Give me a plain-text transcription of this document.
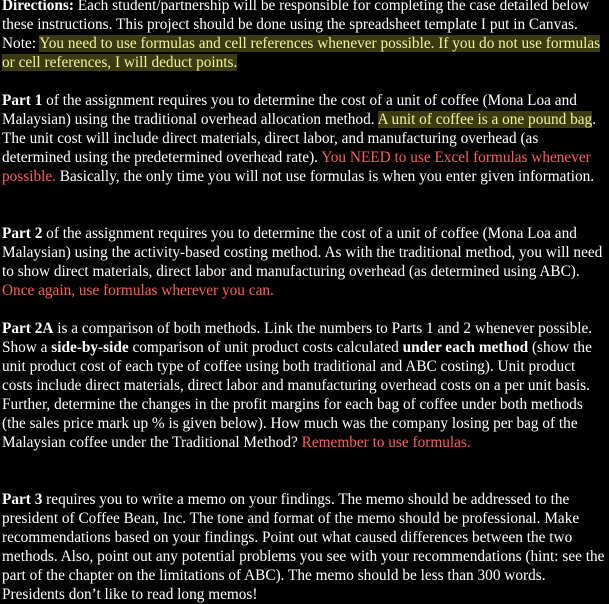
Directions: Each student/partnership will be responsible for completing the case detailed below these instructions. This project should be done using the spreadsheet template I put in Canvas. Note: You need to use formulas and cell references whenever possible. If you do not use formulas or cell references, I will deduct points.

Part 1 of the assignment requires you to determine the cost of a unit of coffee (Mona Loa and Malaysian) using the traditional overhead allocation method. A unit of coffee is a one pound bag. The unit cost will include direct materials, direct labor, and manufacturing overhead (as determined using the predetermined overhead rate). You NEED to use Excel formulas whenever possible. Basically, the only time you will not use formulas is when you enter given information.

Part 2 of the assignment requires you to determine the cost of a unit of coffee (Mona Loa and Malaysian) using the activity-based costing method. As with the traditional method, you will need to show direct materials, direct labor and manufacturing overhead (as determined using ABC). Once again, use formulas wherever you can.

Part 2A is a comparison of both methods. Link the numbers to Parts 1 and 2 whenever possible. Show a side-by-side comparison of unit product costs calculated under each method (show the unit product cost of each type of coffee using both traditional and ABC costing). Unit product costs include direct materials, direct labor and manufacturing overhead costs on a per unit basis. Further, determine the changes in the profit margins for each bag of coffee under both methods (the sales price mark up % is given below). How much was the company losing per bag of the Malaysian coffee under the Traditional Method? Remember to use formulas.

Part 3 requires you to write a memo on your findings. The memo should be addressed to the president of Coffee Bean, Inc. The tone and format of the memo should be professional. Make recommendations based on your findings. Point out what caused differences between the two methods. Also, point out any potential problems you see with your recommendations (hint: see the part of the chapter on the limitations of ABC). The memo should be less than 300 words. Presidents don’t like to read long memos!
